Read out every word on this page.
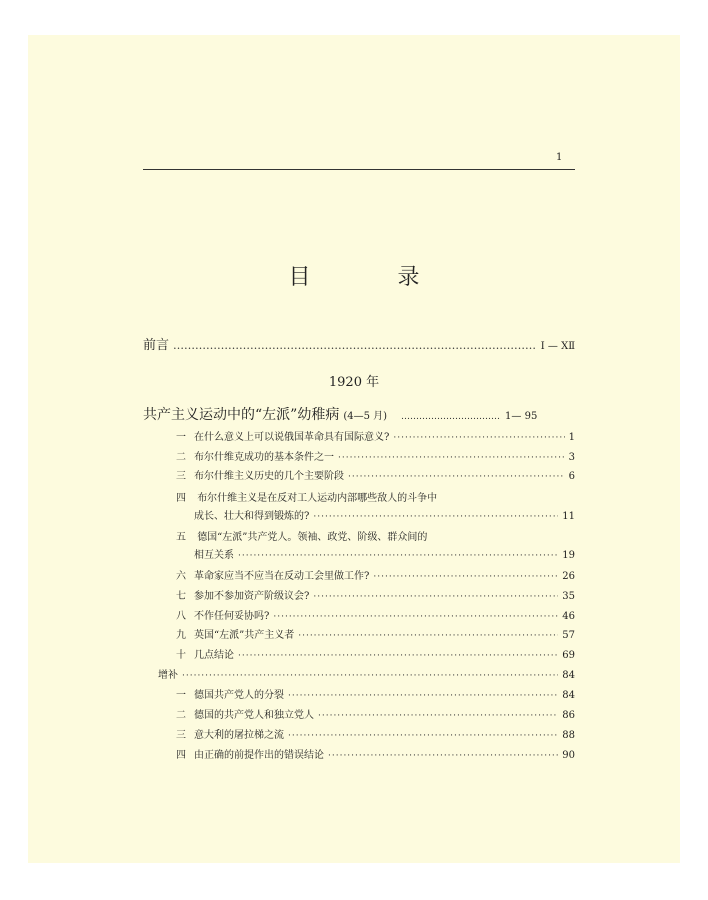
1
目 录
前言 …………………………………………………………………………………………………………	I — XⅡ
1920 年
共产主义运动中的“左派”幼稚病 (4—5 月) …………………………………………………………	1— 95
一 在什么意义上可以说俄国革命具有国际意义? ·····	1
二 布尔什维克成功的基本条件之一 ·····	3
三 布尔什维主义历史的几个主要阶段 ·····	6
四 布尔什维主义是在反对工人运动内部哪些敌人的斗争中
成长、壮大和得到锻炼的? ·····	11
五 德国“左派”共产党人。领袖、政党、阶级、群众间的
相互关系 ·····	19
六 革命家应当不应当在反动工会里做工作? ·····	26
七 参加不参加资产阶级议会? ·····	35
八 不作任何妥协吗? ·····	46
九 英国“左派”共产主义者 ·····	57
十 几点结论 ·····	69
增补 ·····	84
一 德国共产党人的分裂 ·····	84
二 德国的共产党人和独立党人 ·····	86
三 意大利的屠拉梯之流 ·····	88
四 由正确的前提作出的错误结论 ·····	90
